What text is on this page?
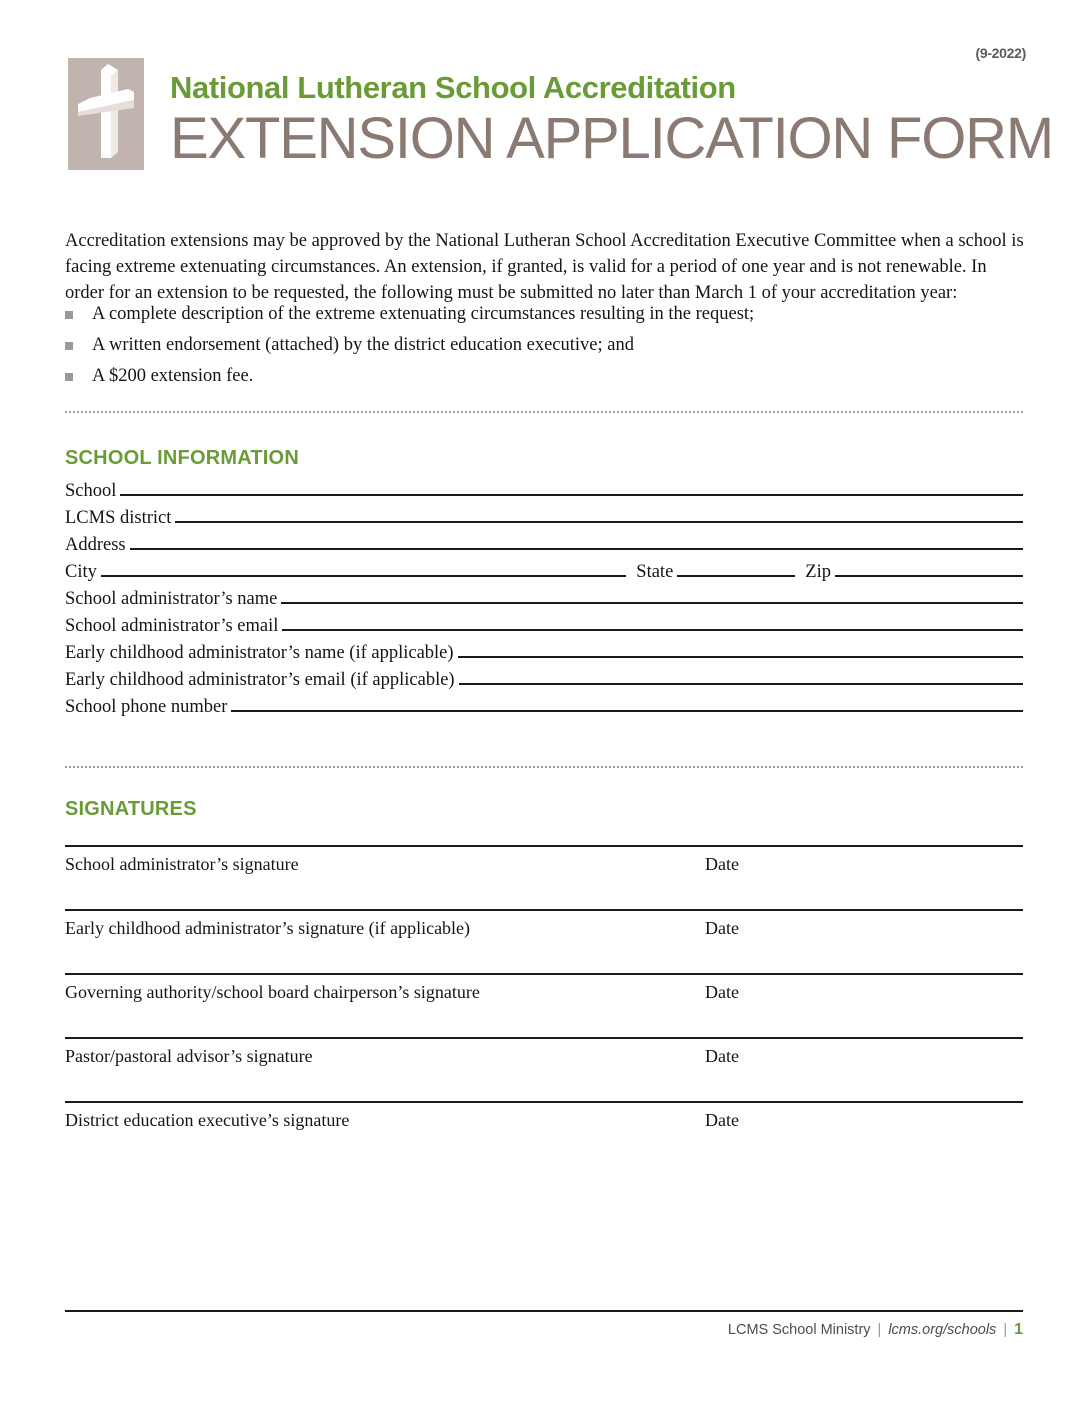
(9-2022)
National Lutheran School Accreditation
EXTENSION APPLICATION FORM
Accreditation extensions may be approved by the National Lutheran School Accreditation Executive Committee when a school is facing extreme extenuating circumstances. An extension, if granted, is valid for a period of one year and is not renewable. In order for an extension to be requested, the following must be submitted no later than March 1 of your accreditation year:
A complete description of the extreme extenuating circumstances resulting in the request;
A written endorsement (attached) by the district education executive; and
A $200 extension fee.
SCHOOL INFORMATION
School
LCMS district
Address
City	State	Zip
School administrator’s name
School administrator’s email
Early childhood administrator’s name (if applicable)
Early childhood administrator’s email (if applicable)
School phone number
SIGNATURES
School administrator’s signature	Date
Early childhood administrator’s signature (if applicable)	Date
Governing authority/school board chairperson’s signature	Date
Pastor/pastoral advisor’s signature	Date
District education executive’s signature	Date
LCMS School Ministry | lcms.org/schools | 1
